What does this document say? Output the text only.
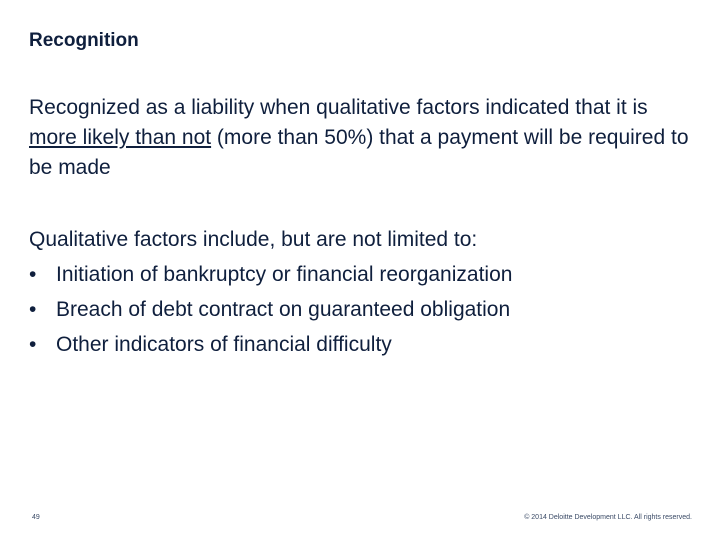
Recognition
Recognized as a liability when qualitative factors indicated that it is more likely than not (more than 50%) that a payment will be required to be made
Qualitative factors include, but are not limited to:
• Initiation of bankruptcy or financial reorganization
• Breach of debt contract on guaranteed obligation
• Other indicators of financial difficulty
49	© 2014 Deloitte Development LLC. All rights reserved.
